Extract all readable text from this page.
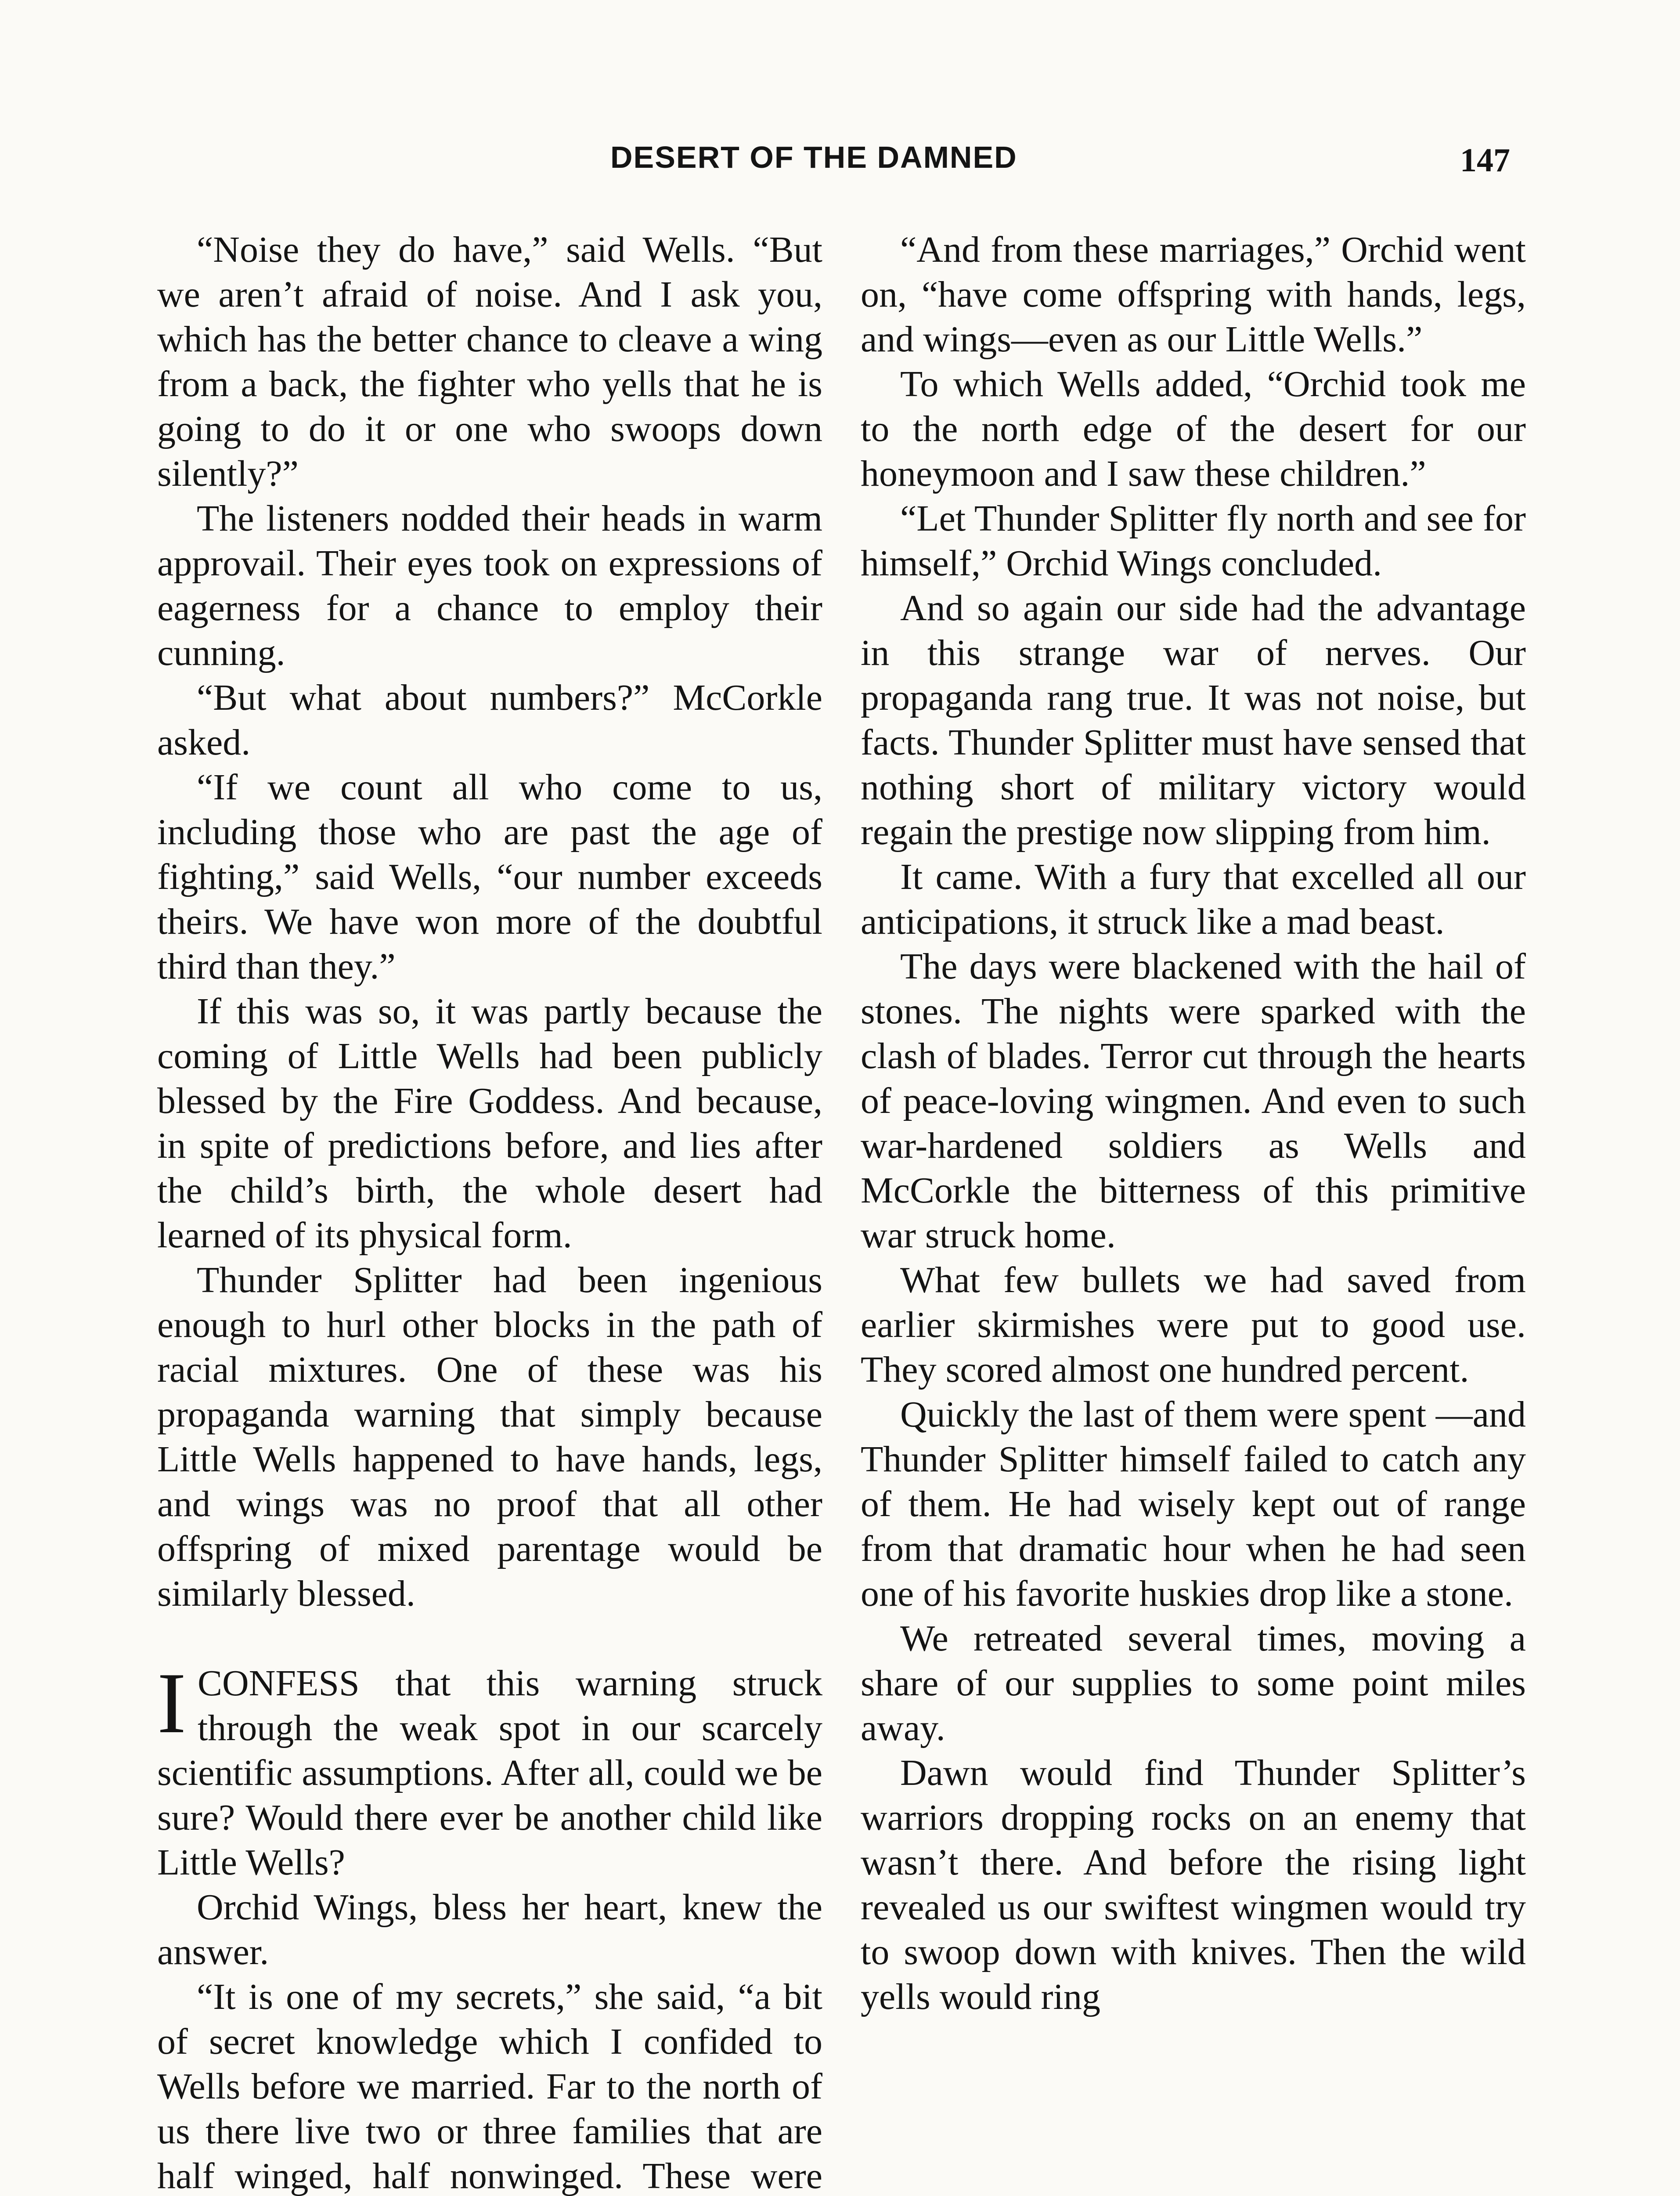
DESERT OF THE DAMNED	147

“Noise they do have,” said Wells. “But we aren’t afraid of noise. And I ask you, which has the better chance to cleave a wing from a back, the fighter who yells that he is going to do it or one who swoops down silently?”

The listeners nodded their heads in warm approvail. Their eyes took on expressions of eagerness for a chance to employ their cunning.

“But what about numbers?” McCorkle asked.

“If we count all who come to us, including those who are past the age of fighting,” said Wells, “our number exceeds theirs. We have won more of the doubtful third than they.”

If this was so, it was partly because the coming of Little Wells had been publicly blessed by the Fire Goddess. And because, in spite of predictions before, and lies after the child’s birth, the whole desert had learned of its physical form.

Thunder Splitter had been ingenious enough to hurl other blocks in the path of racial mixtures. One of these was his propaganda warning that simply because Little Wells happened to have hands, legs, and wings was no proof that all other offspring of mixed parentage would be similarly blessed.

ICONFESS that this warning struck through the weak spot in our scarcely scientific assumptions. After all, could we be sure? Would there ever be another child like Little Wells?

Orchid Wings, bless her heart, knew the answer.

“It is one of my secrets,” she said, “a bit of secret knowledge which I confided to Wells before we married. Far to the north of us there live two or three families that are half winged, half nonwinged. These were

“And from these marriages,” Orchid went on, “have come offspring with hands, legs, and wings—even as our Little Wells.”

To which Wells added, “Orchid took me to the north edge of the desert for our honeymoon and I saw these children.”

“Let Thunder Splitter fly north and see for himself,” Orchid Wings concluded.

And so again our side had the advantage in this strange war of nerves. Our propaganda rang true. It was not noise, but facts. Thunder Splitter must have sensed that nothing short of military victory would regain the prestige now slipping from him.

It came. With a fury that excelled all our anticipations, it struck like a mad beast.

The days were blackened with the hail of stones. The nights were sparked with the clash of blades. Terror cut through the hearts of peace-loving wingmen. And even to such war-hardened soldiers as Wells and McCorkle the bitterness of this primitive war struck home.

What few bullets we had saved from earlier skirmishes were put to good use. They scored almost one hundred percent.

Quickly the last of them were spent —and Thunder Splitter himself failed to catch any of them. He had wisely kept out of range from that dramatic hour when he had seen one of his favorite huskies drop like a stone.

We retreated several times, moving a share of our supplies to some point miles away.

Dawn would find Thunder Splitter’s warriors dropping rocks on an enemy that wasn’t there. And before the rising light revealed us our swiftest wingmen would try to swoop down with knives. Then the wild yells would ring
